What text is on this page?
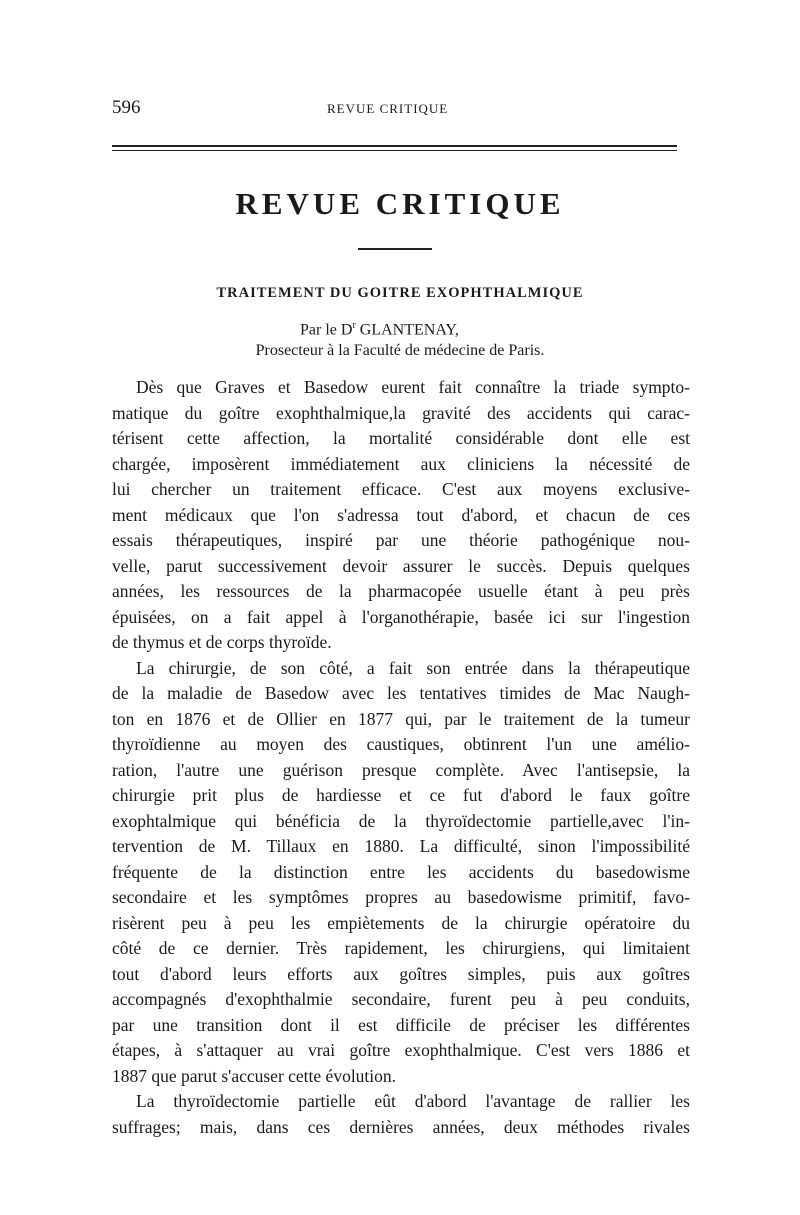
596	REVUE CRITIQUE
REVUE CRITIQUE
TRAITEMENT DU GOITRE EXOPHTHALMIQUE
Par le $D^r$ GLANTENAY,
Prosecteur à la Faculté de médecine de Paris.
Dès que Graves et Basedow eurent fait connaître la triade sympto-
matique du goître exophthalmique,la gravité des accidents qui carac-
térisent cette affection, la mortalité considérable dont elle est
chargée, imposèrent immédiatement aux cliniciens la nécessité de
lui chercher un traitement efficace. C'est aux moyens exclusive-
ment médicaux que l'on s'adressa tout d'abord, et chacun de ces
essais thérapeutiques, inspiré par une théorie pathogénique nou-
velle, parut successivement devoir assurer le succès. Depuis quelques
années, les ressources de la pharmacopée usuelle étant à peu près
épuisées, on a fait appel à l'organothérapie, basée ici sur l'ingestion
de thymus et de corps thyroïde.
La chirurgie, de son côté, a fait son entrée dans la thérapeutique
de la maladie de Basedow avec les tentatives timides de Mac Naugh-
ton en 1876 et de Ollier en 1877 qui, par le traitement de la tumeur
thyroïdienne au moyen des caustiques, obtinrent l'un une amélio-
ration, l'autre une guérison presque complète. Avec l'antisepsie, la
chirurgie prit plus de hardiesse et ce fut d'abord le faux goître
exophtalmique qui bénéficia de la thyroïdectomie partielle,avec l'in-
tervention de M. Tillaux en 1880. La difficulté, sinon l'impossibilité
fréquente de la distinction entre les accidents du basedowisme
secondaire et les symptômes propres au basedowisme primitif, favo-
risèrent peu à peu les empiètements de la chirurgie opératoire du
côté de ce dernier. Très rapidement, les chirurgiens, qui limitaient
tout d'abord leurs efforts aux goîtres simples, puis aux goîtres
accompagnés d'exophthalmie secondaire, furent peu à peu conduits,
par une transition dont il est difficile de préciser les différentes
étapes, à s'attaquer au vrai goître exophthalmique. C'est vers 1886 et
1887 que parut s'accuser cette évolution.
La thyroïdectomie partielle eût d'abord l'avantage de rallier les
suffrages; mais, dans ces dernières années, deux méthodes rivales
